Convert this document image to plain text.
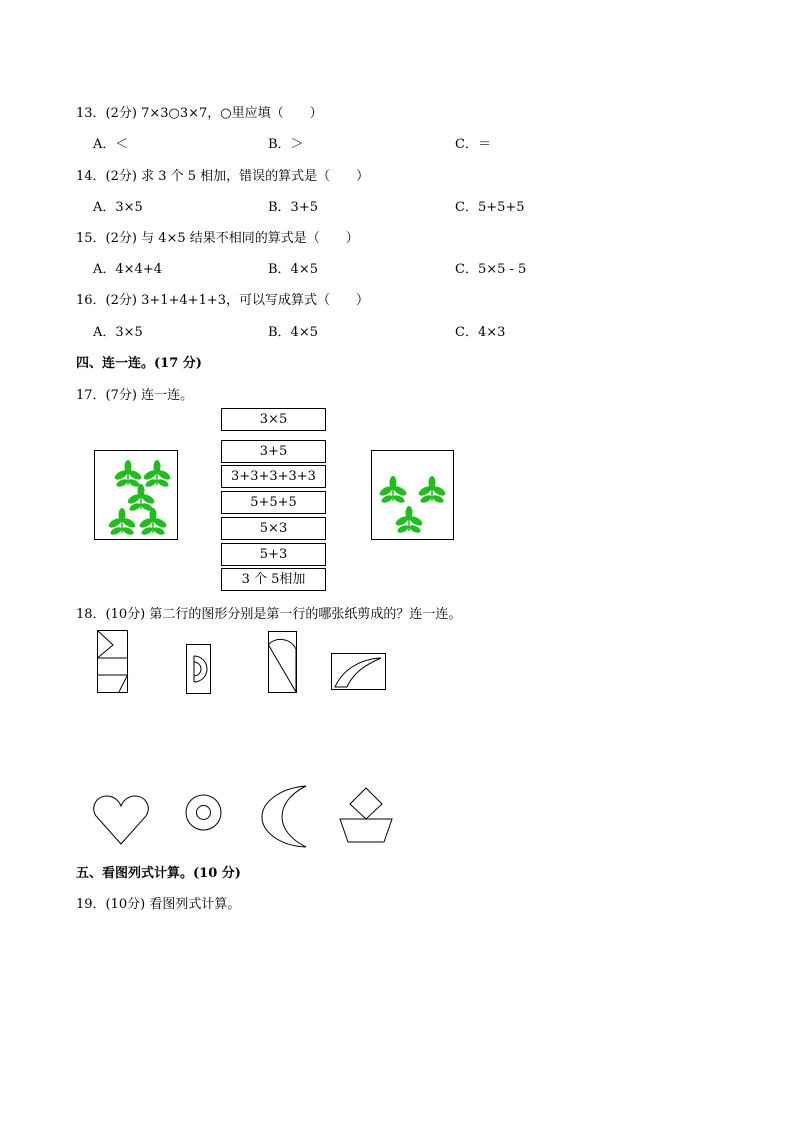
13．(2分) 7×3○3×7，○里应填（　　）
A．＜	B．＞	C．＝
14．(2分) 求 3 个 5 相加，错误的算式是（　　）
A．3×5	B．3+5	C．5+5+5
15．(2分) 与 4×5 结果不相同的算式是（　　）
A．4×4+4	B．4×5	C．5×5 - 5
16．(2分) 3+1+4+1+3，可以写成算式（　　）
A．3×5	B．4×5	C．4×3
四、连一连。(17 分)
17．(7分) 连一连。
3×5
3+5
3+3+3+3+3
5+5+5
5×3
5+3
3 个 5相加
18．(10分) 第二行的图形分别是第一行的哪张纸剪成的？连一连。
五、看图列式计算。(10 分)
19．(10分) 看图列式计算。
